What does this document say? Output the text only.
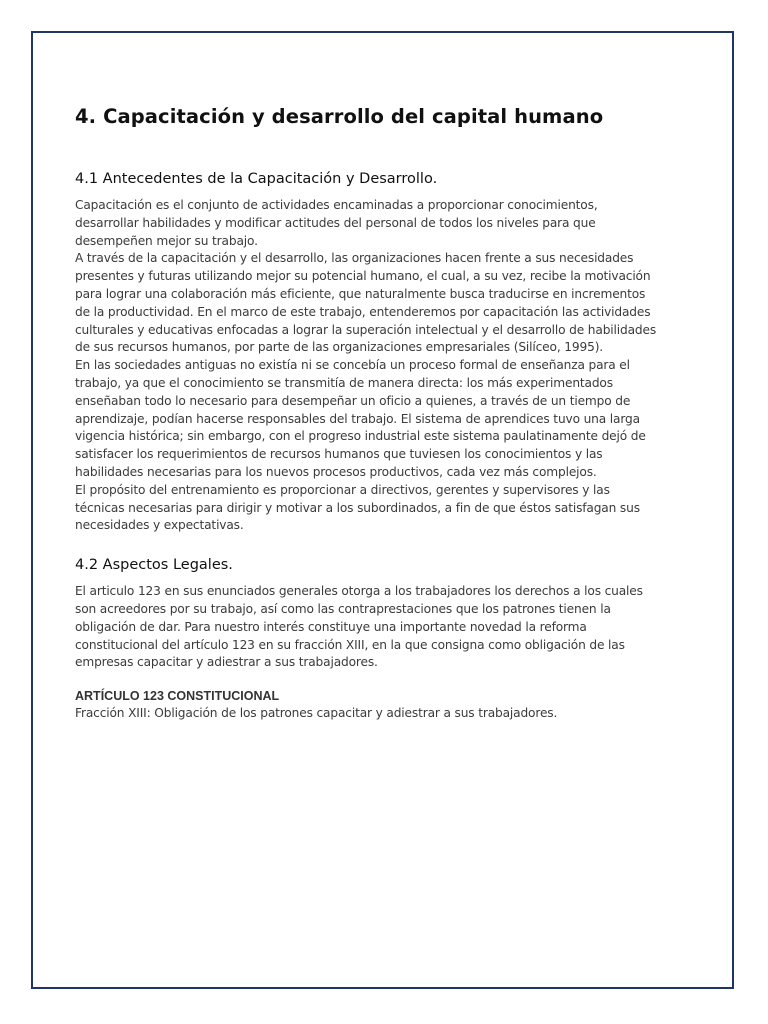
4. Capacitación y desarrollo del capital humano
4.1 Antecedentes de la Capacitación y Desarrollo.

Capacitación es el conjunto de actividades encaminadas a proporcionar conocimientos, desarrollar habilidades y modificar actitudes del personal de todos los niveles para que desempeñen mejor su trabajo.

A través de la capacitación y el desarrollo, las organizaciones hacen frente a sus necesidades presentes y futuras utilizando mejor su potencial humano, el cual, a su vez, recibe la motivación para lograr una colaboración más eficiente, que naturalmente busca traducirse en incrementos de la productividad. En el marco de este trabajo, entenderemos por capacitación las actividades culturales y educativas enfocadas a lograr la superación intelectual y el desarrollo de habilidades de sus recursos humanos, por parte de las organizaciones empresariales (Silíceo, 1995).

En las sociedades antiguas no existía ni se concebía un proceso formal de enseñanza para el trabajo, ya que el conocimiento se transmitía de manera directa: los más experimentados enseñaban todo lo necesario para desempeñar un oficio a quienes, a través de un tiempo de aprendizaje, podían hacerse responsables del trabajo. El sistema de aprendices tuvo una larga vigencia histórica; sin embargo, con el progreso industrial este sistema paulatinamente dejó de satisfacer los requerimientos de recursos humanos que tuviesen los conocimientos y las habilidades necesarias para los nuevos procesos productivos, cada vez más complejos.

El propósito del entrenamiento es proporcionar a directivos, gerentes y supervisores y las técnicas necesarias para dirigir y motivar a los subordinados, a fin de que éstos satisfagan sus necesidades y expectativas.

4.2 Aspectos Legales.

El articulo 123 en sus enunciados generales otorga a los trabajadores los derechos a los cuales son acreedores por su trabajo, así como las contraprestaciones que los patrones tienen la obligación de dar. Para nuestro interés constituye una importante novedad la reforma constitucional del artículo 123 en su fracción XIII, en la que consigna como obligación de las empresas capacitar y adiestrar a sus trabajadores.

ARTÍCULO 123 CONSTITUCIONAL

Fracción XIII: Obligación de los patrones capacitar y adiestrar a sus trabajadores.
